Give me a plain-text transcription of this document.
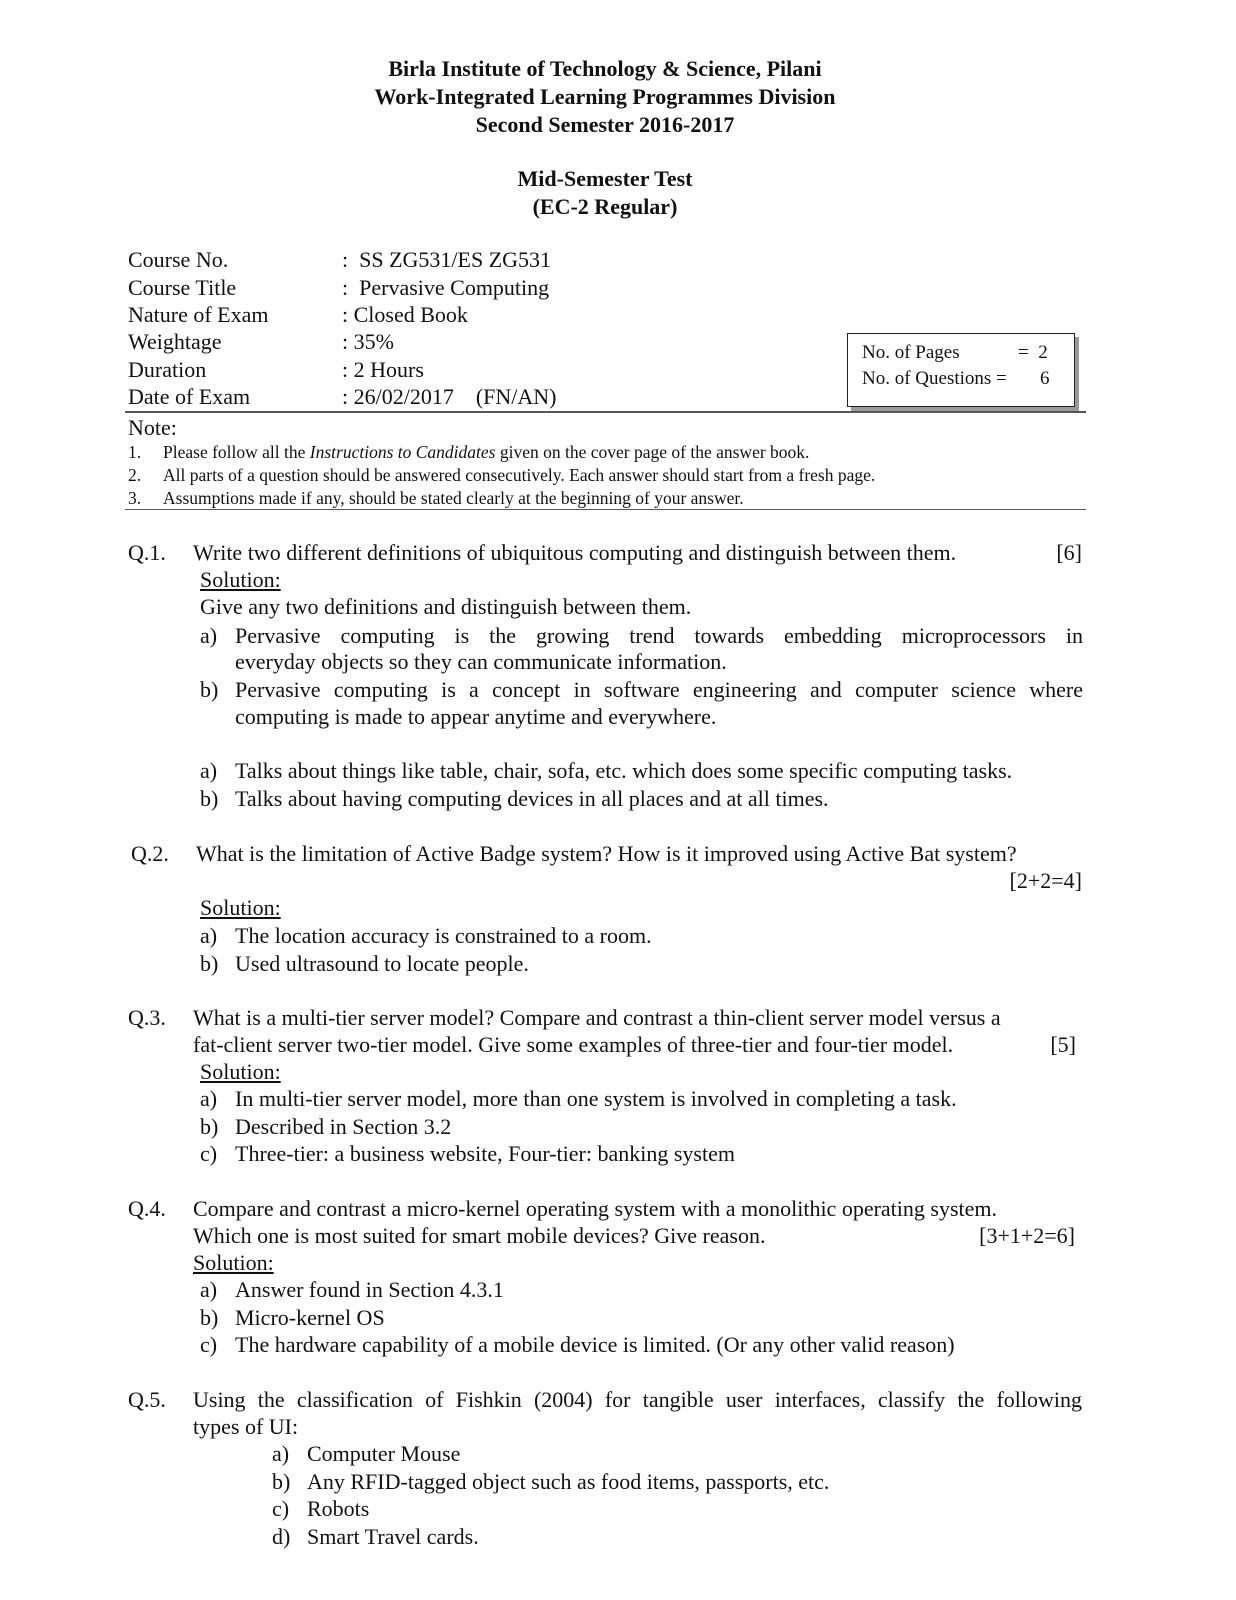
Birla Institute of Technology & Science, Pilani
Work-Integrated Learning Programmes Division
Second Semester 2016-2017
Mid-Semester Test
(EC-2 Regular)
Course No.	:  SS ZG531/ES ZG531
Course Title	:  Pervasive Computing
Nature of Exam	: Closed Book
Weightage	: 35%
Duration	: 2 Hours
Date of Exam	: 26/02/2017    (FN/AN)
No. of Pages	=  2
No. of Questions = 6
Note:
1. Please follow all the Instructions to Candidates given on the cover page of the answer book.
2. All parts of a question should be answered consecutively. Each answer should start from a fresh page.
3. Assumptions made if any, should be stated clearly at the beginning of your answer.
Q.1. Write two different definitions of ubiquitous computing and distinguish between them.	[6]
Solution:
Give any two definitions and distinguish between them.
a) Pervasive computing is the growing trend towards embedding microprocessors in
everyday objects so they can communicate information.
b) Pervasive computing is a concept in software engineering and computer science where
computing is made to appear anytime and everywhere.
a) Talks about things like table, chair, sofa, etc. which does some specific computing tasks.
b) Talks about having computing devices in all places and at all times.
Q.2. What is the limitation of Active Badge system? How is it improved using Active Bat system?
[2+2=4]
Solution:
a) The location accuracy is constrained to a room.
b) Used ultrasound to locate people.
Q.3. What is a multi-tier server model? Compare and contrast a thin-client server model versus a
fat-client server two-tier model. Give some examples of three-tier and four-tier model.	[5]
Solution:
a) In multi-tier server model, more than one system is involved in completing a task.
b) Described in Section 3.2
c) Three-tier: a business website, Four-tier: banking system
Q.4. Compare and contrast a micro-kernel operating system with a monolithic operating system.
Which one is most suited for smart mobile devices? Give reason.	[3+1+2=6]
Solution:
a) Answer found in Section 4.3.1
b) Micro-kernel OS
c) The hardware capability of a mobile device is limited. (Or any other valid reason)
Q.5. Using the classification of Fishkin (2004) for tangible user interfaces, classify the following
types of UI:
a) Computer Mouse
b) Any RFID-tagged object such as food items, passports, etc.
c) Robots
d) Smart Travel cards.
